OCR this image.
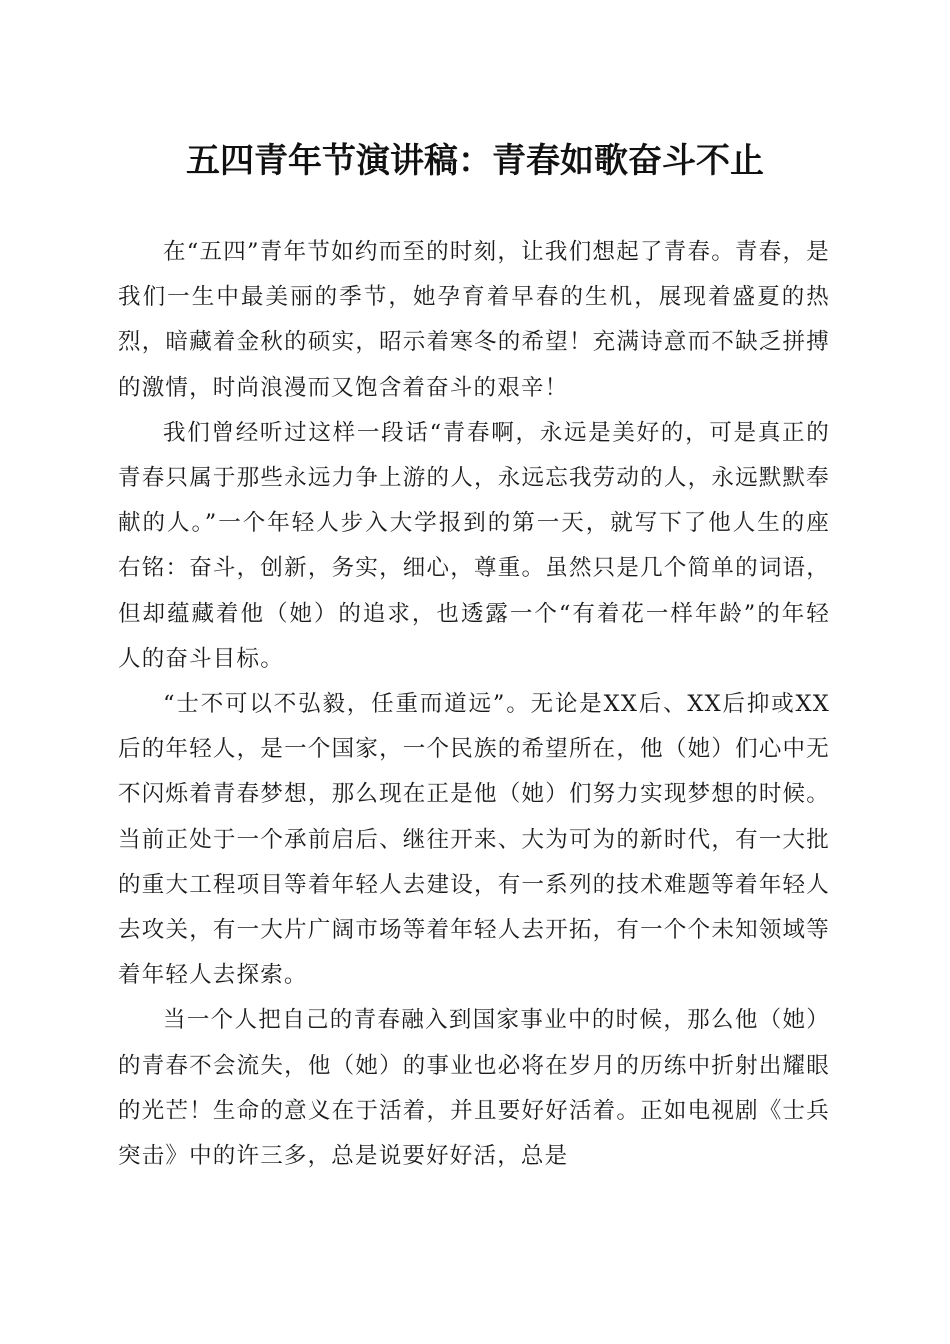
五四青年节演讲稿：青春如歌奋斗不止

在“五四”青年节如约而至的时刻，让我们想起了青春。青春，是我们一生中最美丽的季节，她孕育着早春的生机，展现着盛夏的热烈，暗藏着金秋的硕实，昭示着寒冬的希望！充满诗意而不缺乏拼搏的激情，时尚浪漫而又饱含着奋斗的艰辛！

我们曾经听过这样一段话“青春啊，永远是美好的，可是真正的青春只属于那些永远力争上游的人，永远忘我劳动的人，永远默默奉献的人。”一个年轻人步入大学报到的第一天，就写下了他人生的座右铭：奋斗，创新，务实，细心，尊重。虽然只是几个简单的词语，但却蕴藏着他（她）的追求，也透露一个“有着花一样年龄”的年轻人的奋斗目标。

“士不可以不弘毅，任重而道远”。无论是XX后、XX后抑或XX后的年轻人，是一个国家，一个民族的希望所在，他（她）们心中无不闪烁着青春梦想，那么现在正是他（她）们努力实现梦想的时候。当前正处于一个承前启后、继往开来、大为可为的新时代，有一大批的重大工程项目等着年轻人去建设，有一系列的技术难题等着年轻人去攻关，有一大片广阔市场等着年轻人去开拓，有一个个未知领域等着年轻人去探索。

当一个人把自己的青春融入到国家事业中的时候，那么他（她）的青春不会流失，他（她）的事业也必将在岁月的历练中折射出耀眼的光芒！生命的意义在于活着，并且要好好活着。正如电视剧《士兵突击》中的许三多，总是说要好好活，总是
